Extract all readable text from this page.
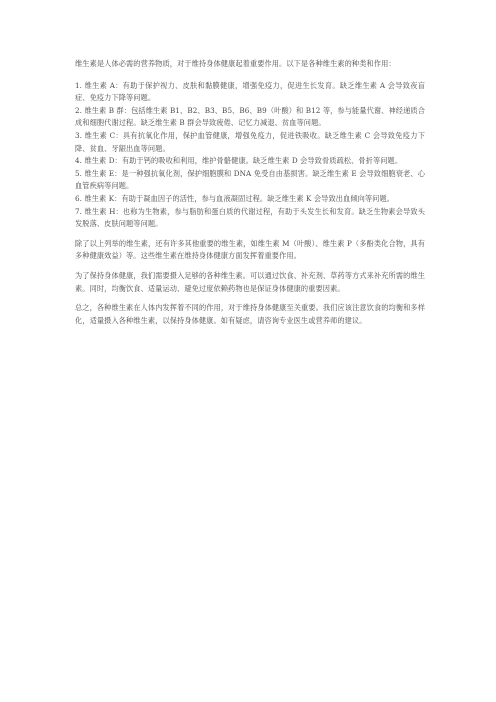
维生素是人体必需的营养物质，对于维持身体健康起着重要作用。以下是各种维生素的种类和作用：

1. 维生素 A：有助于保护视力、皮肤和黏膜健康，增强免疫力，促进生长发育。缺乏维生素 A 会导致夜盲症、免疫力下降等问题。

2. 维生素 B 群：包括维生素 B1、B2、B3、B5、B6、B9（叶酸）和 B12 等，参与能量代谢、神经递质合成和细胞代谢过程。缺乏维生素 B 群会导致疲倦、记忆力减退、贫血等问题。

3. 维生素 C：具有抗氧化作用，保护血管健康，增强免疫力，促进铁吸收。缺乏维生素 C 会导致免疫力下降、贫血、牙龈出血等问题。

4. 维生素 D：有助于钙的吸收和利用，维护骨骼健康。缺乏维生素 D 会导致骨质疏松、骨折等问题。

5. 维生素 E：是一种强抗氧化剂，保护细胞膜和 DNA 免受自由基损害。缺乏维生素 E 会导致细胞衰老、心血管疾病等问题。

6. 维生素 K：有助于凝血因子的活性，参与血液凝固过程。缺乏维生素 K 会导致出血倾向等问题。

7. 维生素 H：也称为生物素，参与脂肪和蛋白质的代谢过程，有助于头发生长和发育。缺乏生物素会导致头发脱落、皮肤问题等问题。

除了以上列举的维生素，还有许多其他重要的维生素，如维生素 M（叶酸）、维生素 P（多酚类化合物，具有多种健康效益）等。这些维生素在维持身体健康方面发挥着重要作用。

为了保持身体健康，我们需要摄入足够的各种维生素。可以通过饮食、补充剂、草药等方式来补充所需的维生素。同时，均衡饮食、适量运动、避免过度依赖药物也是保证身体健康的重要因素。

总之，各种维生素在人体内发挥着不同的作用，对于维持身体健康至关重要。我们应该注意饮食的均衡和多样化，适量摄入各种维生素，以保持身体健康。如有疑虑，请咨询专业医生或营养师的建议。
